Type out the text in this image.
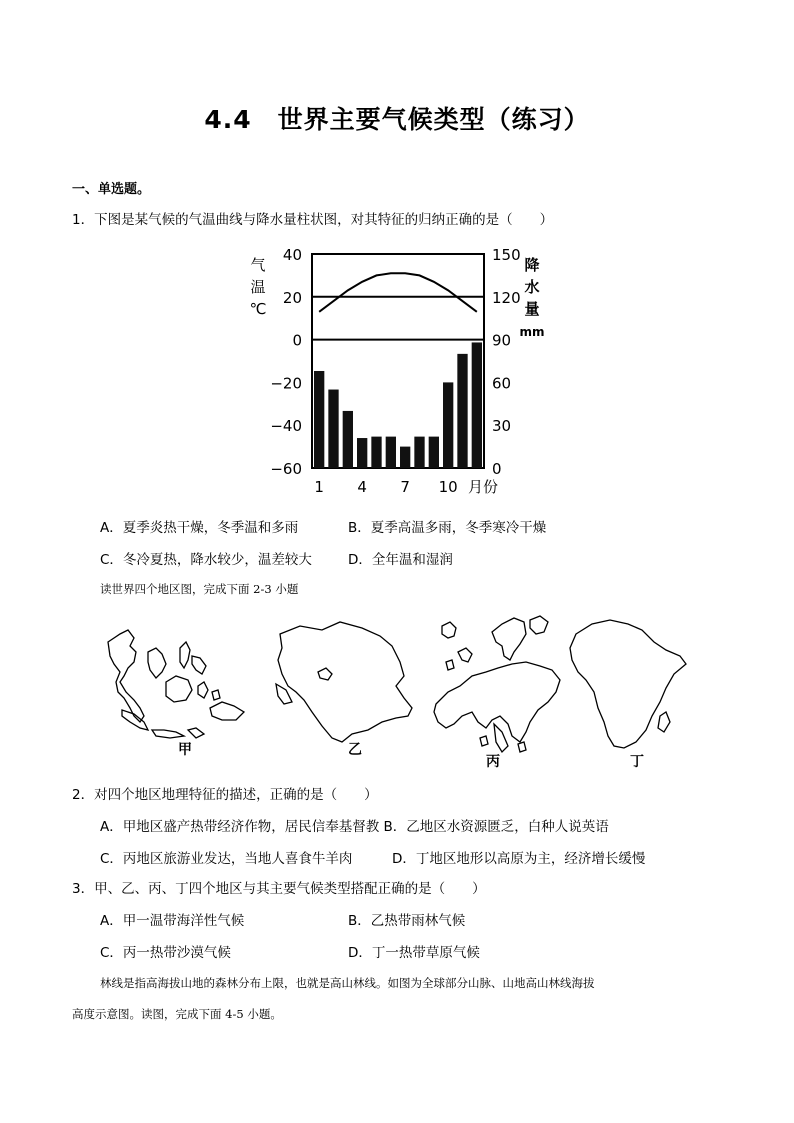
4.4　世界主要气候类型（练习）
一、单选题。
1．下图是某气候的气温曲线与降水量柱状图，对其特征的归纳正确的是（　　）
40
20
0
−20
−40
−60
150
120
90
60
30
0
1 4 7 10 月份
气
温
℃
降
水
量
mm
A．夏季炎热干燥，冬季温和多雨	B．夏季高温多雨，冬季寒冷干燥
C．冬冷夏热，降水较少，温差较大	D．全年温和湿润
读世界四个地区图，完成下面 2-3 小题
甲	乙
丙	丁
2．对四个地区地理特征的描述，正确的是（　　）
A．甲地区盛产热带经济作物，居民信奉基督教 B．乙地区水资源匮乏，白种人说英语
C．丙地区旅游业发达，当地人喜食牛羊肉	D．丁地区地形以高原为主，经济增长缓慢
3．甲、乙、丙、丁四个地区与其主要气候类型搭配正确的是（　　）
A．甲一温带海洋性气候	B．乙热带雨林气候
C．丙一热带沙漠气候	D．丁一热带草原气候
林线是指高海拔山地的森林分布上限，也就是高山林线。如图为全球部分山脉、山地高山林线海拔
高度示意图。读图，完成下面 4-5 小题。
